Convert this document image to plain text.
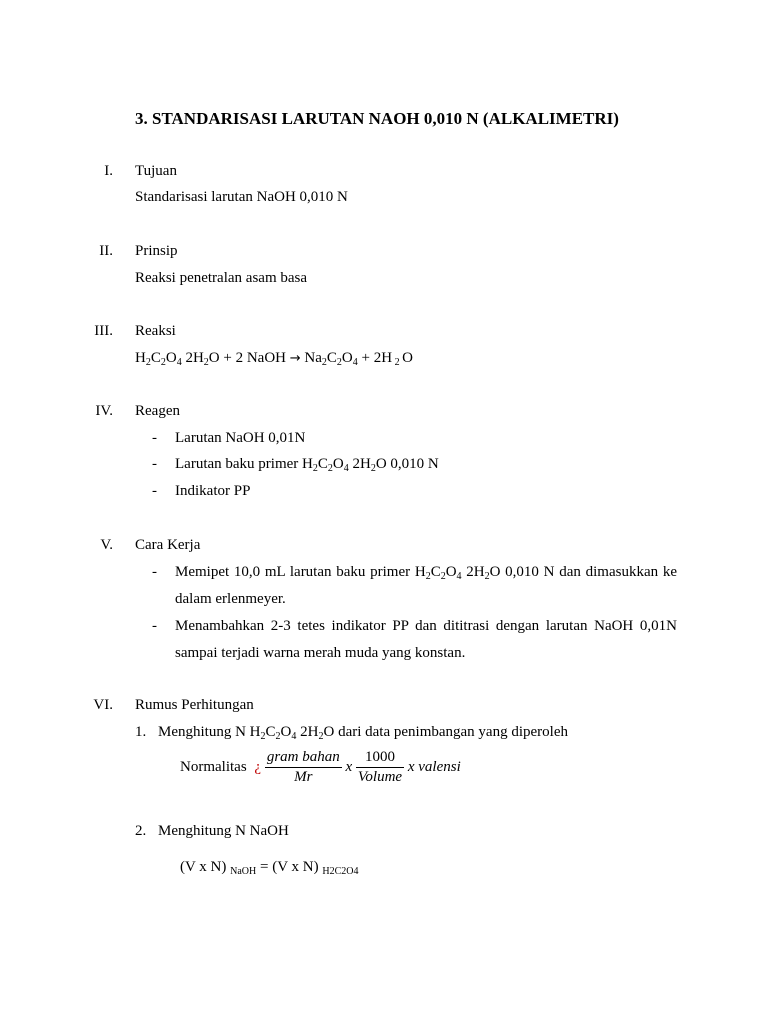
3. STANDARISASI LARUTAN NAOH 0,010 N (ALKALIMETRI)
I. Tujuan
Standarisasi larutan NaOH 0,010 N
II. Prinsip
Reaksi penetralan asam basa
III. Reaksi
$H_2C_2O_4$ $2H_2O + 2$ NaOH → $Na_2C_2O_4 + 2H$ $_2$ O
IV. Reagen
-	Larutan NaOH 0,01N
-	Larutan baku primer $H_2C_2O_4$ $2H_2O$ 0,010 N
-	Indikator PP
V. Cara Kerja
-	Memipet 10,0 mL larutan baku primer $H_2C_2O_4$ $2H_2O$ 0,010 N dan dimasukkan ke
dalam erlenmeyer.
-	Menambahkan 2-3 tetes indikator PP dan dititrasi dengan larutan NaOH 0,01N
sampai terjadi warna merah muda yang konstan.
VI. Rumus Perhitungan
1. Menghitung N $H_2C_2O_4$ $2H_2O$ dari data penimbangan yang diperoleh
Normalitas ¿ $\frac{\text{gram bahan}}{Mr}$ x $\frac{1000}{\text{Volume}}$ x valensi
2. Menghitung N NaOH
(V x N) $_{NaOH}$ = (V x N) $_{H2C2O4}$
